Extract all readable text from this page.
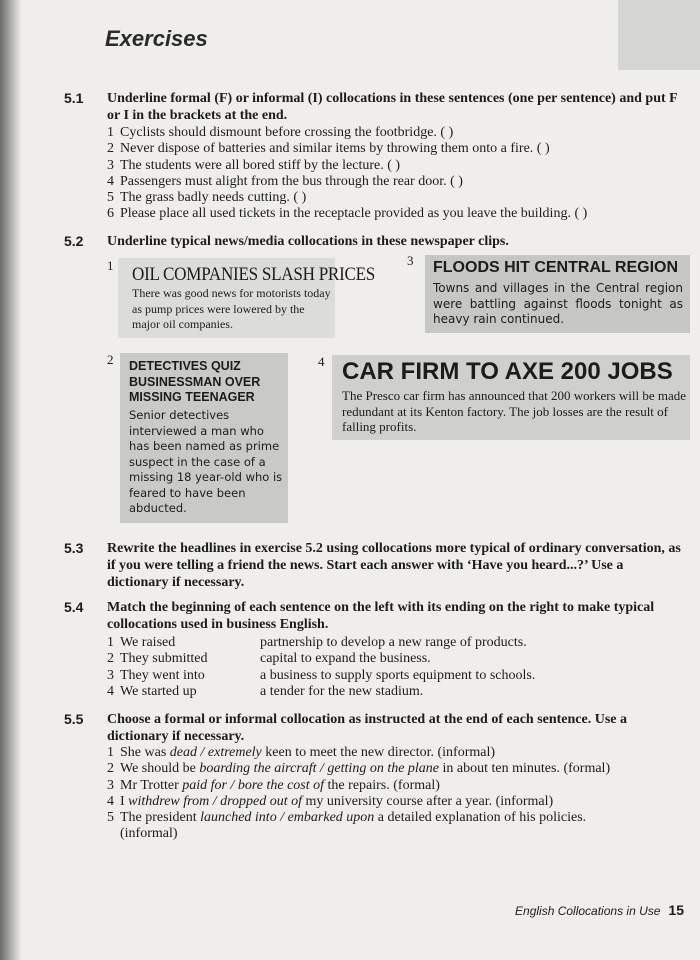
Exercises
5.1 Underline formal (F) or informal (I) collocations in these sentences (one per sentence) and put F or I in the brackets at the end.
1 Cyclists should dismount before crossing the footbridge. ( )
2 Never dispose of batteries and similar items by throwing them onto a fire. ( )
3 The students were all bored stiff by the lecture. ( )
4 Passengers must alight from the bus through the rear door. ( )
5 The grass badly needs cutting. ( )
6 Please place all used tickets in the receptacle provided as you leave the building. ( )
5.2 Underline typical news/media collocations in these newspaper clips.
1 OIL COMPANIES SLASH PRICES
There was good news for motorists today as pump prices were lowered by the major oil companies.
3 FLOODS HIT CENTRAL REGION
Towns and villages in the Central region were battling against floods tonight as heavy rain continued.
2 DETECTIVES QUIZ BUSINESSMAN OVER MISSING TEENAGER
Senior detectives interviewed a man who has been named as prime suspect in the case of a missing 18 year-old who is feared to have been abducted.
4 CAR FIRM TO AXE 200 JOBS
The Presco car firm has announced that 200 workers will be made redundant at its Kenton factory. The job losses are the result of falling profits.
5.3 Rewrite the headlines in exercise 5.2 using collocations more typical of ordinary conversation, as if you were telling a friend the news. Start each answer with ‘Have you heard...?’ Use a dictionary if necessary.
5.4 Match the beginning of each sentence on the left with its ending on the right to make typical collocations used in business English.
1 We raised
2 They submitted
3 They went into
4 We started up
partnership to develop a new range of products.
capital to expand the business.
a business to supply sports equipment to schools.
a tender for the new stadium.
5.5 Choose a formal or informal collocation as instructed at the end of each sentence. Use a dictionary if necessary.
1 She was dead / extremely keen to meet the new director. (informal)
2 We should be boarding the aircraft / getting on the plane in about ten minutes. (formal)
3 Mr Trotter paid for / bore the cost of the repairs. (formal)
4 I withdrew from / dropped out of my university course after a year. (informal)
5 The president launched into / embarked upon a detailed explanation of his policies.
(informal)
English Collocations in Use 15
